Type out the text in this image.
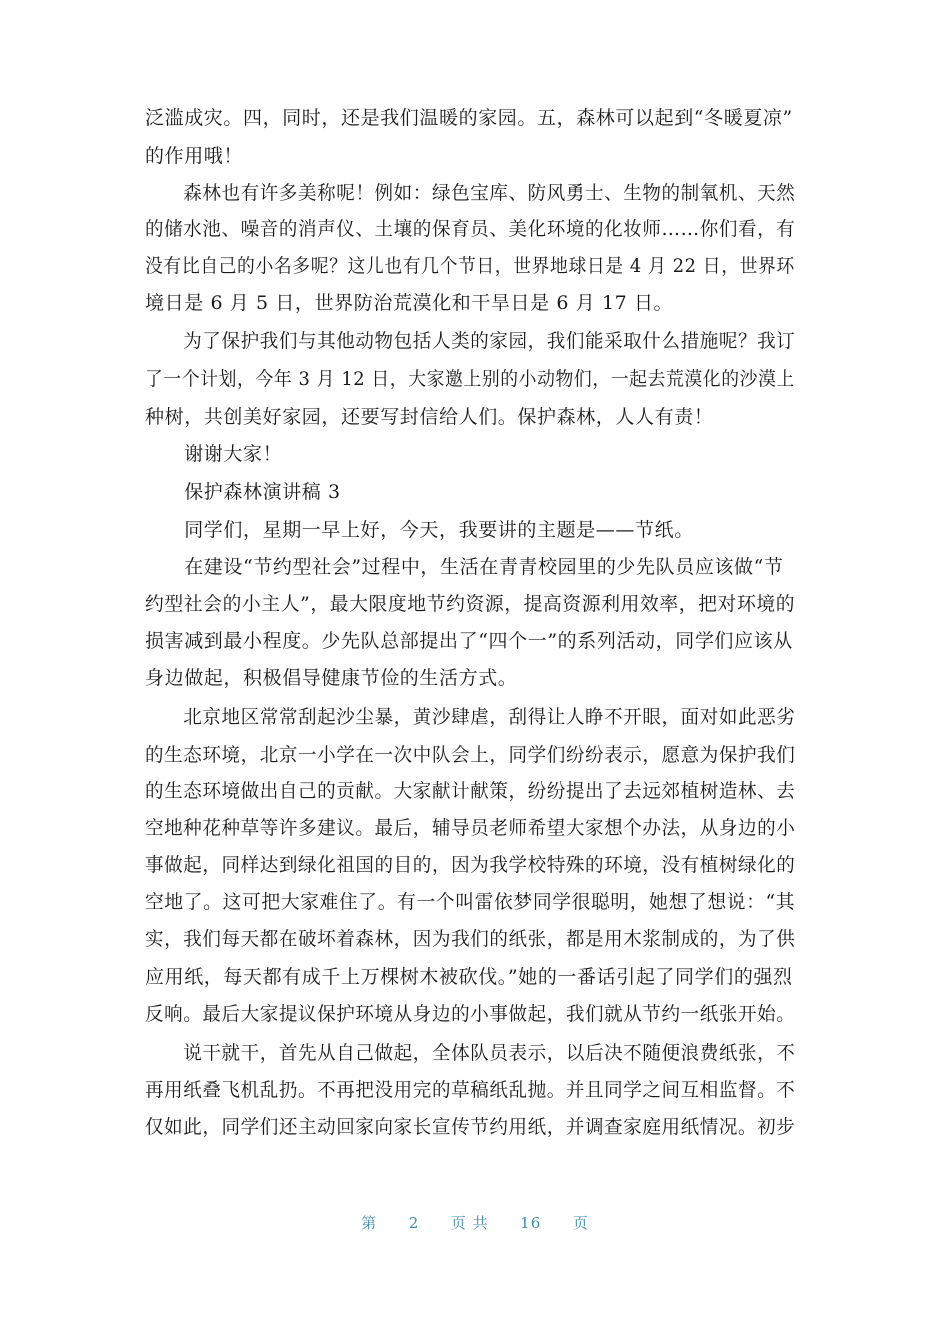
泛滥成灾。四，同时，还是我们温暖的家园。五，森林可以起到“冬暖夏凉”
的作用哦！
　　森林也有许多美称呢！例如：绿色宝库、防风勇士、生物的制氧机、天然
的储水池、噪音的消声仪、土壤的保育员、美化环境的化妆师……你们看，有
没有比自己的小名多呢？这儿也有几个节日，世界地球日是 4 月 22 日，世界环
境日是 6 月 5 日，世界防治荒漠化和干旱日是 6 月 17 日。
　　为了保护我们与其他动物包括人类的家园，我们能采取什么措施呢？我订
了一个计划，今年 3 月 12 日，大家邀上别的小动物们，一起去荒漠化的沙漠上
种树，共创美好家园，还要写封信给人们。保护森林，人人有责！
　　谢谢大家！
　　保护森林演讲稿 3
　　同学们，星期一早上好，今天，我要讲的主题是——节纸。
　　在建设“节约型社会”过程中，生活在青青校园里的少先队员应该做“节
约型社会的小主人”，最大限度地节约资源，提高资源利用效率，把对环境的
损害减到最小程度。少先队总部提出了“四个一”的系列活动，同学们应该从
身边做起，积极倡导健康节俭的生活方式。
　　北京地区常常刮起沙尘暴，黄沙肆虐，刮得让人睁不开眼，面对如此恶劣
的生态环境，北京一小学在一次中队会上，同学们纷纷表示，愿意为保护我们
的生态环境做出自己的贡献。大家献计献策，纷纷提出了去远郊植树造林、去
空地种花种草等许多建议。最后，辅导员老师希望大家想个办法，从身边的小
事做起，同样达到绿化祖国的目的，因为我学校特殊的环境，没有植树绿化的
空地了。这可把大家难住了。有一个叫雷依梦同学很聪明，她想了想说：“其
实，我们每天都在破坏着森林，因为我们的纸张，都是用木浆制成的，为了供
应用纸，每天都有成千上万棵树木被砍伐。”她的一番话引起了同学们的强烈
反响。最后大家提议保护环境从身边的小事做起，我们就从节约一纸张开始。
　　说干就干，首先从自己做起，全体队员表示，以后决不随便浪费纸张，不
再用纸叠飞机乱扔。不再把没用完的草稿纸乱抛。并且同学之间互相监督。不
仅如此，同学们还主动回家向家长宣传节约用纸，并调查家庭用纸情况。初步
第 2 页 共 16 页
